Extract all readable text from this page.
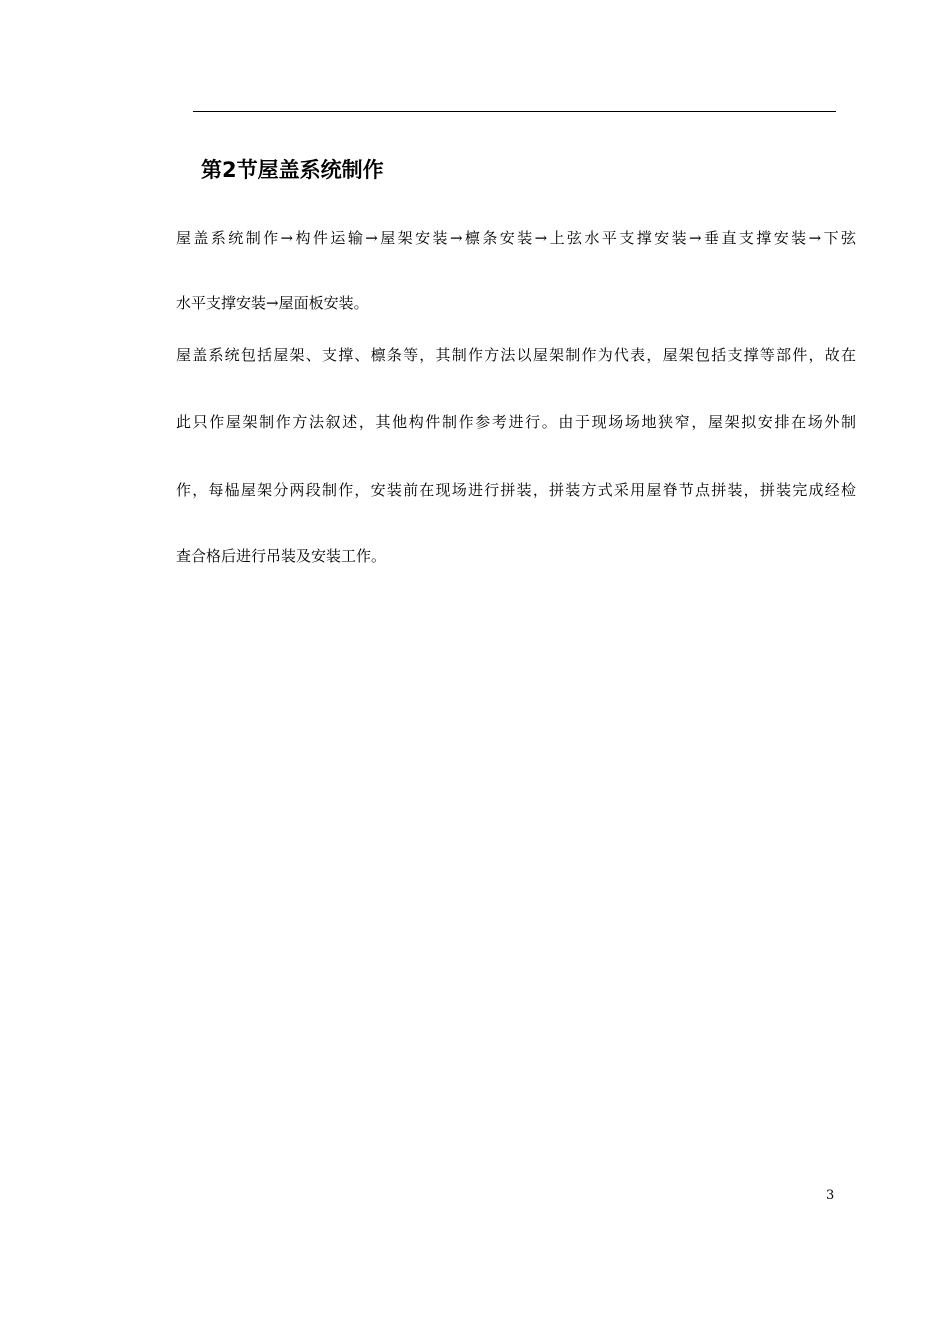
第2节屋盖系统制作

屋盖系统制作→构件运输→屋架安装→檩条安装→上弦水平支撑安装→垂直支撑安装→下弦

水平支撑安装→屋面板安装。

屋盖系统包括屋架、支撑、檩条等，其制作方法以屋架制作为代表，屋架包括支撑等部件，故在

此只作屋架制作方法叙述，其他构件制作参考进行。由于现场场地狭窄，屋架拟安排在场外制

作，每榀屋架分两段制作，安装前在现场进行拼装，拼装方式采用屋脊节点拼装，拼装完成经检

查合格后进行吊装及安装工作。

3
